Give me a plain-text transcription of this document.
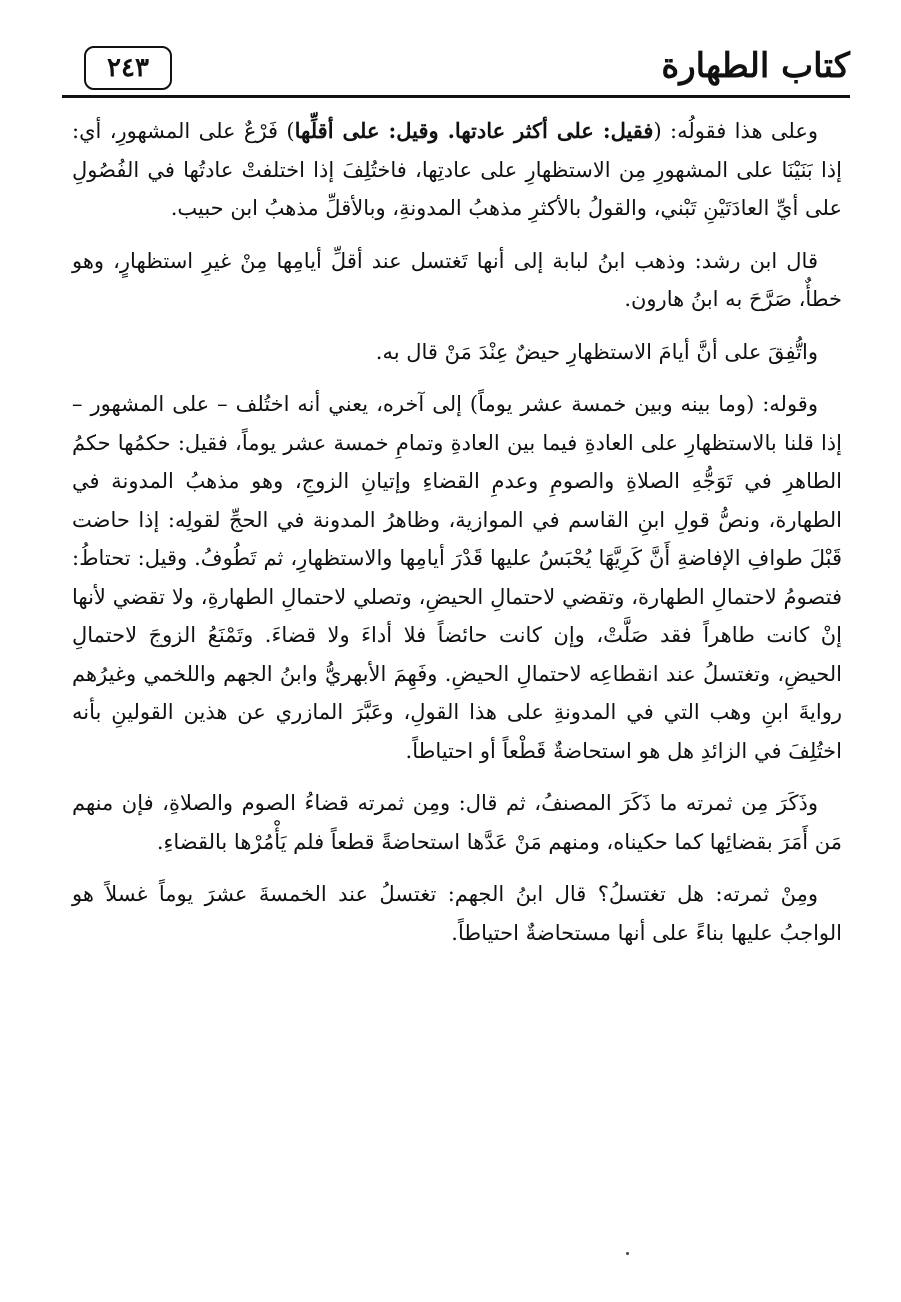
كتاب الطهارة
٢٤٣

وعلى هذا فقولُه: (فقيل: على أكثر عادتها. وقيل: على أقلِّها) فَرْعٌ على المشهورِ، أي: إذا بَنَيْنَا على المشهورِ مِن الاستظهارِ على عادتِها، فاختُلِفَ إذا اختلفتْ عادتُها في الفُصُولِ على أيِّ العادَتَيْنِ تَبْني، والقولُ بالأكثرِ مذهبُ المدونةِ، وبالأقلِّ مذهبُ ابن حبيب.

قال ابن رشد: وذهب ابنُ لبابة إلى أنها تَغتسل عند أقلِّ أيامِها مِنْ غيرِ استظهارٍ، وهو خطأٌ، صَرَّحَ به ابنُ هارون.

واتُّفِقَ على أنَّ أيامَ الاستظهارِ حيضٌ عِنْدَ مَنْ قال به.

وقوله: (وما بينه وبين خمسة عشر يوماً) إلى آخره، يعني أنه اختُلف – على المشهور – إذا قلنا بالاستظهارِ على العادةِ فيما بين العادةِ وتمامِ خمسة عشر يوماً، فقيل: حكمُها حكمُ الطاهرِ في تَوَجُّهِ الصلاةِ والصومِ وعدمِ القضاءِ وإتيانِ الزوجِ، وهو مذهبُ المدونة في الطهارة، ونصُّ قولِ ابنِ القاسم في الموازية، وظاهرُ المدونة في الحجِّ لقولِه: إذا حاضت قَبْلَ طوافِ الإفاضةِ أَنَّ كَرِيَّهَا يُحْبَسُ عليها قَدْرَ أيامِها والاستظهارِ، ثم تَطُوفُ. وقيل: تحتاطُ: فتصومُ لاحتمالِ الطهارة، وتقضي لاحتمالِ الحيضِ، وتصلي لاحتمالِ الطهارةِ، ولا تقضي لأنها إنْ كانت طاهراً فقد صَلَّتْ، وإن كانت حائضاً فلا أداءَ ولا قضاءَ. وتَمْنَعُ الزوجَ لاحتمالِ الحيضِ، وتغتسلُ عند انقطاعِه لاحتمالِ الحيضِ. وفَهِمَ الأبهريُّ وابنُ الجهم واللخمي وغيرُهم روايةَ ابنِ وهب التي في المدونةِ على هذا القولِ، وعَبَّرَ المازري عن هذين القولينِ بأنه اختُلِفَ في الزائدِ هل هو استحاضةٌ قَطْعاً أو احتياطاً.

وذَكَرَ مِن ثمرته ما ذَكَرَ المصنفُ، ثم قال: ومِن ثمرته قضاءُ الصوم والصلاةِ، فإن منهم مَن أَمَرَ بقضائِها كما حكيناه، ومنهم مَنْ عَدَّها استحاضةً قطعاً فلم يَأْمُرْها بالقضاءِ.

ومِنْ ثمرته: هل تغتسلُ؟ قال ابنُ الجهم: تغتسلُ عند الخمسةَ عشرَ يوماً غسلاً هو الواجبُ عليها بناءً على أنها مستحاضةٌ احتياطاً.
